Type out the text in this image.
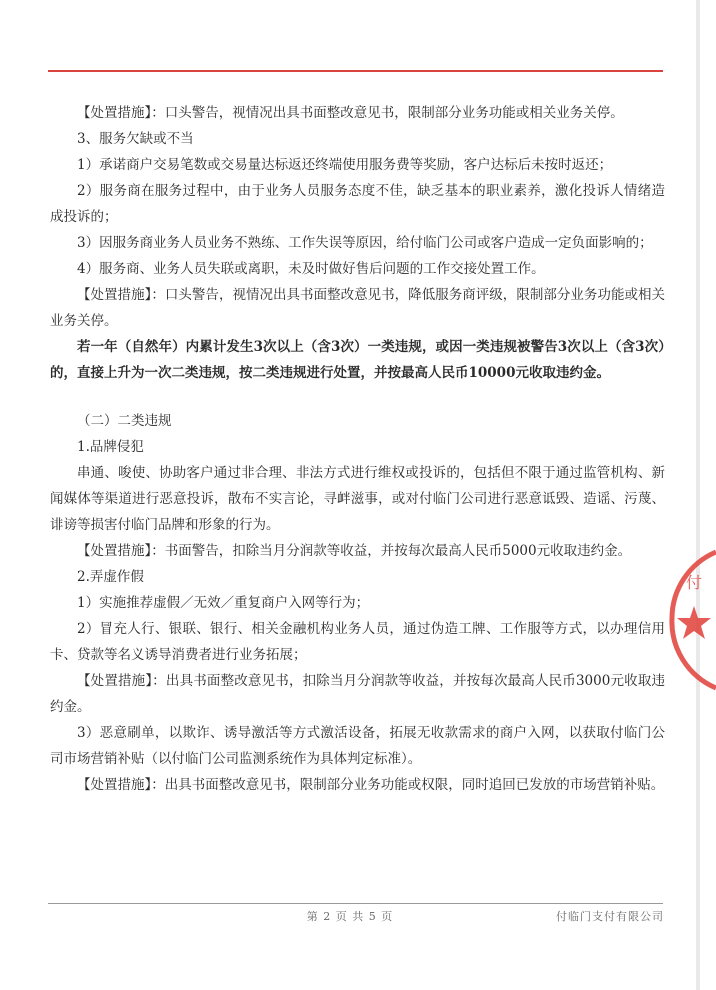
【处置措施】：口头警告，视情况出具书面整改意见书，限制部分业务功能或相关业务关停。

3、服务欠缺或不当

1）承诺商户交易笔数或交易量达标返还终端使用服务费等奖励，客户达标后未按时返还；

2）服务商在服务过程中，由于业务人员服务态度不佳，缺乏基本的职业素养，激化投诉人情绪造成投诉的；

3）因服务商业务人员业务不熟练、工作失误等原因，给付临门公司或客户造成一定负面影响的；

4）服务商、业务人员失联或离职，未及时做好售后问题的工作交接处置工作。

【处置措施】：口头警告，视情况出具书面整改意见书，降低服务商评级，限制部分业务功能或相关业务关停。

若一年（自然年）内累计发生3次以上（含3次）一类违规，或因一类违规被警告3次以上（含3次）的，直接上升为一次二类违规，按二类违规进行处置，并按最高人民币10000元收取违约金。

（二）二类违规

1.品牌侵犯

串通、唆使、协助客户通过非合理、非法方式进行维权或投诉的，包括但不限于通过监管机构、新闻媒体等渠道进行恶意投诉，散布不实言论，寻衅滋事，或对付临门公司进行恶意诋毁、造谣、污蔑、诽谤等损害付临门品牌和形象的行为。

【处置措施】：书面警告，扣除当月分润款等收益，并按每次最高人民币5000元收取违约金。

2.弄虚作假

1）实施推荐虚假／无效／重复商户入网等行为；

2）冒充人行、银联、银行、相关金融机构业务人员，通过伪造工牌、工作服等方式，以办理信用卡、贷款等名义诱导消费者进行业务拓展；

【处置措施】：出具书面整改意见书，扣除当月分润款等收益，并按每次最高人民币3000元收取违约金。

3）恶意刷单，以欺诈、诱导激活等方式激活设备，拓展无收款需求的商户入网，以获取付临门公司市场营销补贴（以付临门公司监测系统作为具体判定标准）。

【处置措施】：出具书面整改意见书，限制部分业务功能或权限，同时追回已发放的市场营销补贴。

付
第 2 页 共 5 页	付临门支付有限公司
